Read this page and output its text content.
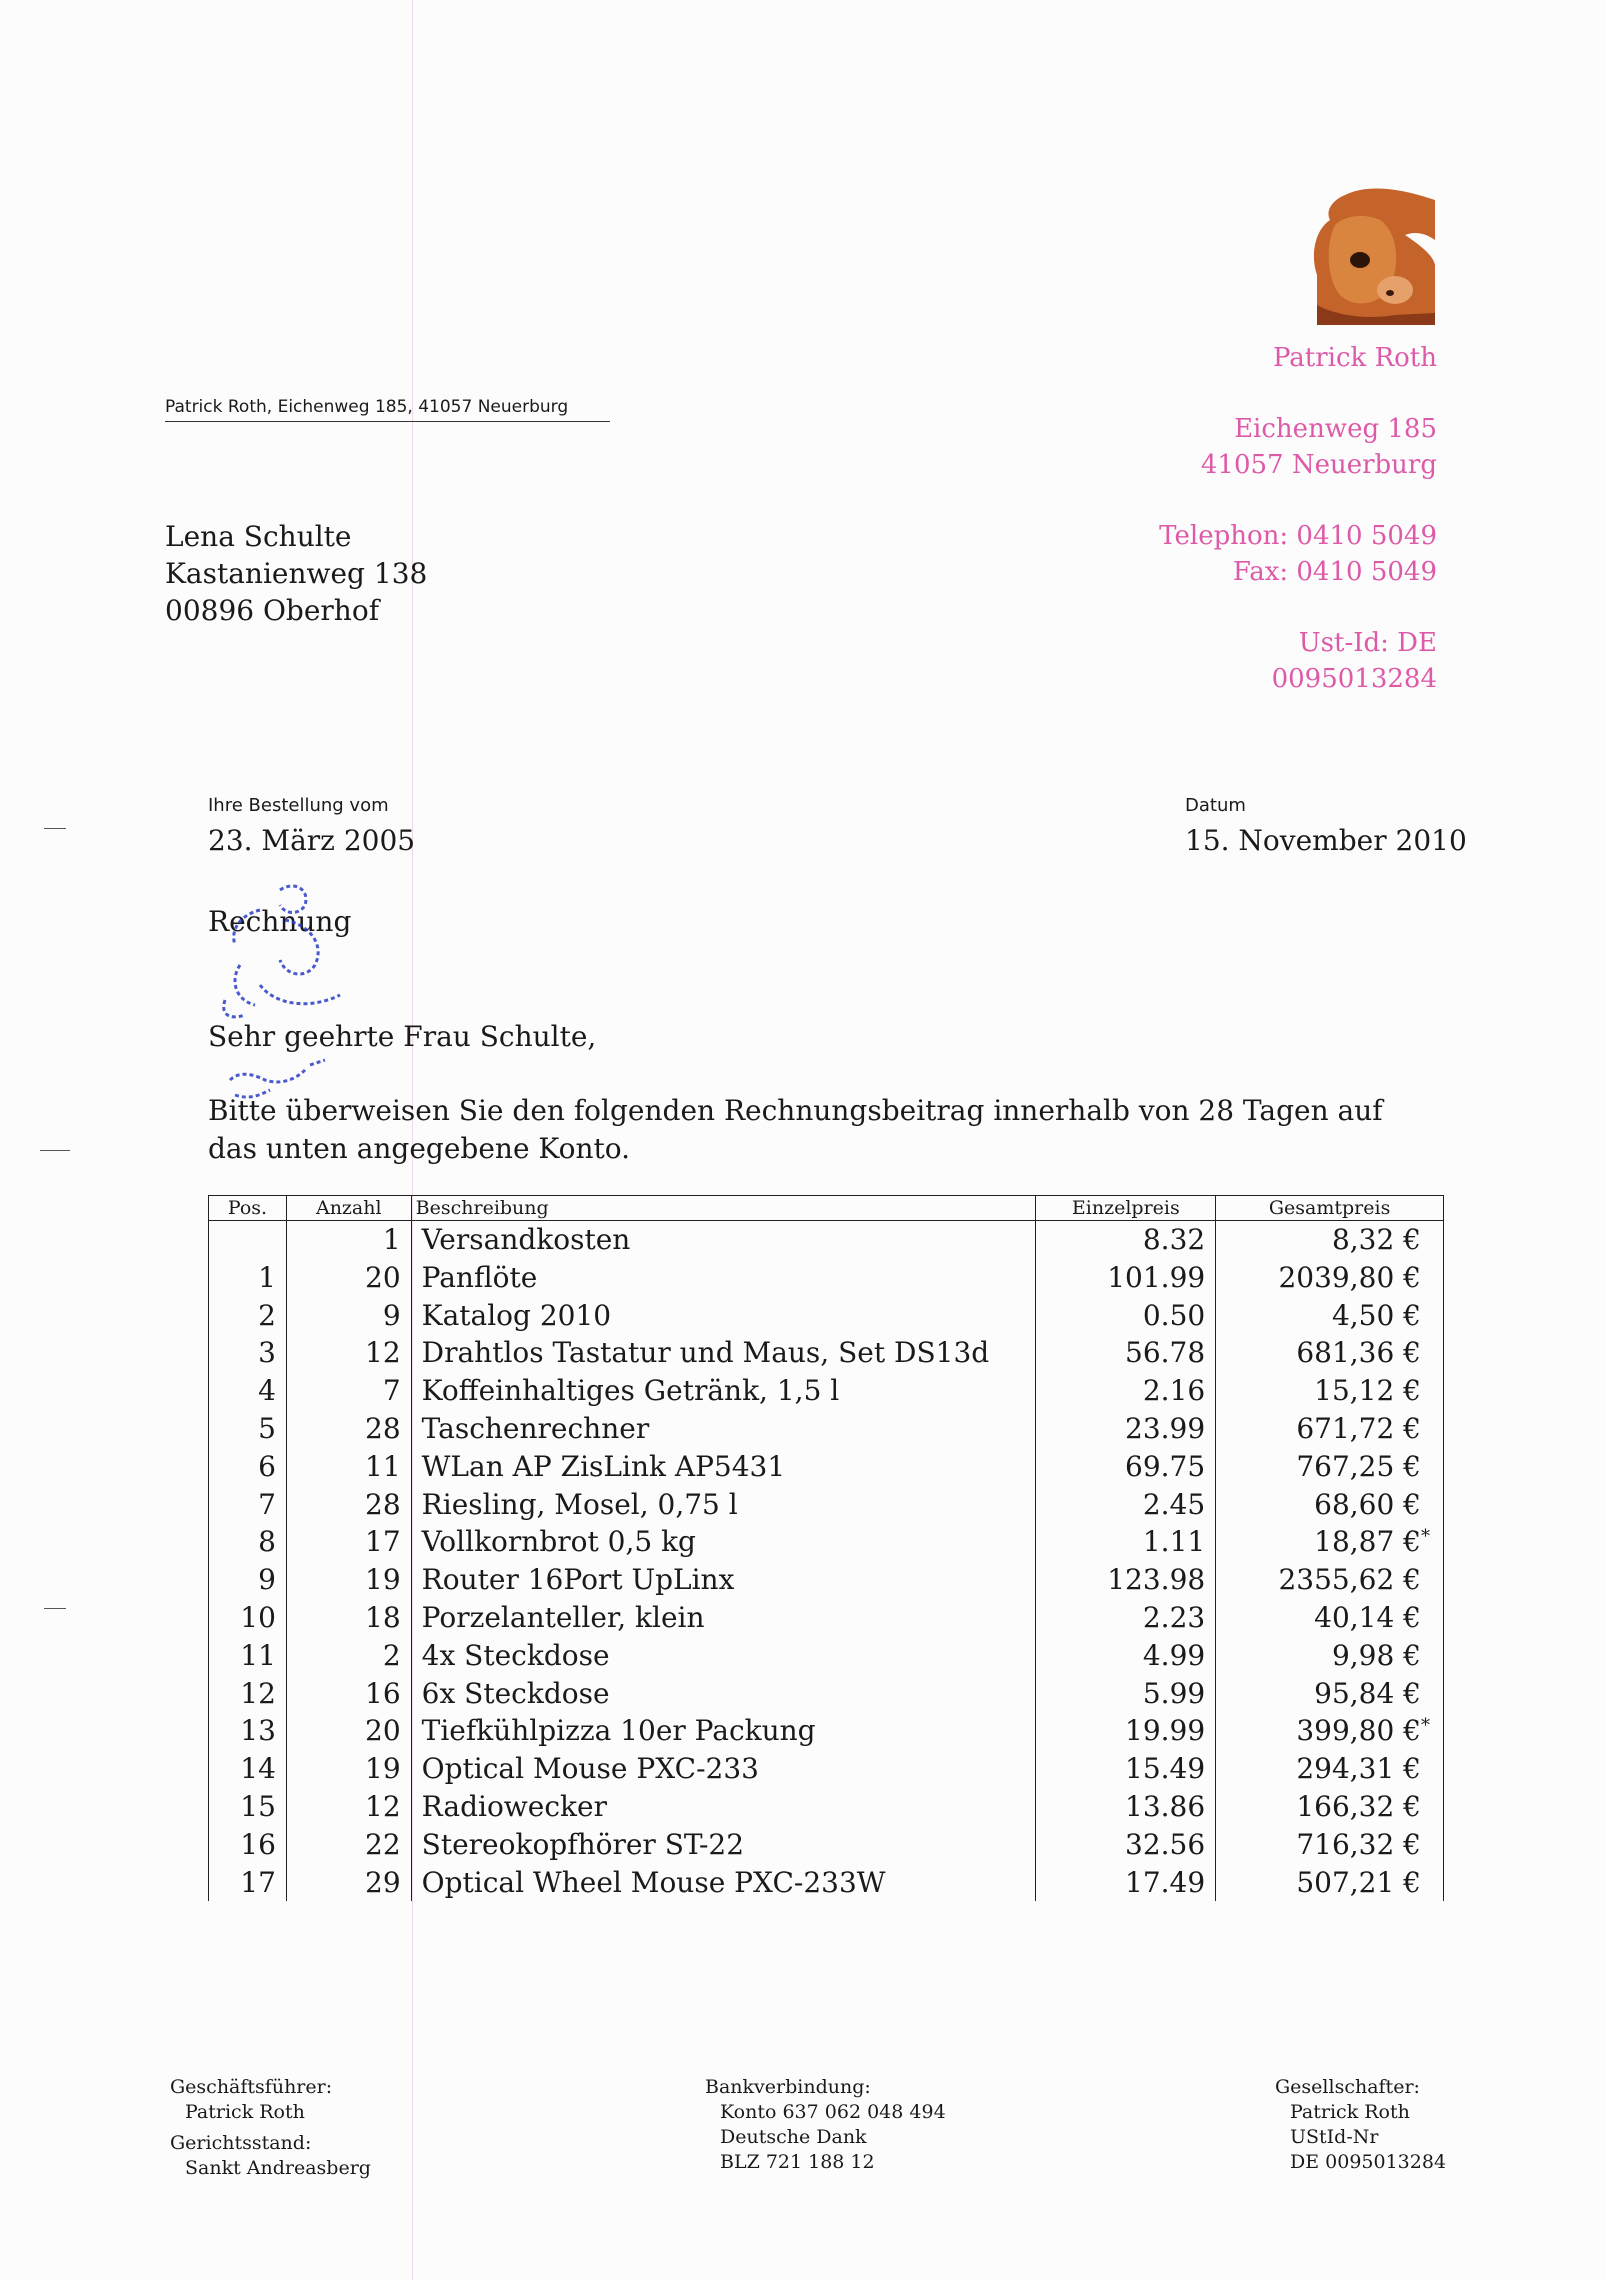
Patrick Roth
Eichenweg 185
41057 Neuerburg
Telephon: 0410 5049
Fax: 0410 5049
Ust-Id: DE
0095013284
Patrick Roth, Eichenweg 185, 41057 Neuerburg
Lena Schulte
Kastanienweg 138
00896 Oberhof
Ihre Bestellung vom
23. März 2005
Datum
15. November 2010
Rechnung
Sehr geehrte Frau Schulte,
Bitte überweisen Sie den folgenden Rechnungsbeitrag innerhalb von 28 Tagen auf das unten angegebene Konto.
Pos.	Anzahl	Beschreibung	Einzelpreis	Gesamtpreis
	1	Versandkosten	8.32	8,32 €
1	20	Panflöte	101.99	2039,80 €
2	9	Katalog 2010	0.50	4,50 €
3	12	Drahtlos Tastatur und Maus, Set DS13d	56.78	681,36 €
4	7	Koffeinhaltiges Getränk, 1,5 l	2.16	15,12 €
5	28	Taschenrechner	23.99	671,72 €
6	11	WLan AP ZisLink AP5431	69.75	767,25 €
7	28	Riesling, Mosel, 0,75 l	2.45	68,60 €
8	17	Vollkornbrot 0,5 kg	1.11	18,87 €*
9	19	Router 16Port UpLinx	123.98	2355,62 €
10	18	Porzelanteller, klein	2.23	40,14 €
11	2	4x Steckdose	4.99	9,98 €
12	16	6x Steckdose	5.99	95,84 €
13	20	Tiefkühlpizza 10er Packung	19.99	399,80 €*
14	19	Optical Mouse PXC-233	15.49	294,31 €
15	12	Radiowecker	13.86	166,32 €
16	22	Stereokopfhörer ST-22	32.56	716,32 €
17	29	Optical Wheel Mouse PXC-233W	17.49	507,21 €
Geschäftsführer:
Patrick Roth
Gerichtsstand:
Sankt Andreasberg
Bankverbindung:
Konto 637 062 048 494
Deutsche Dank
BLZ 721 188 12
Gesellschafter:
Patrick Roth
UStId-Nr
DE 0095013284
